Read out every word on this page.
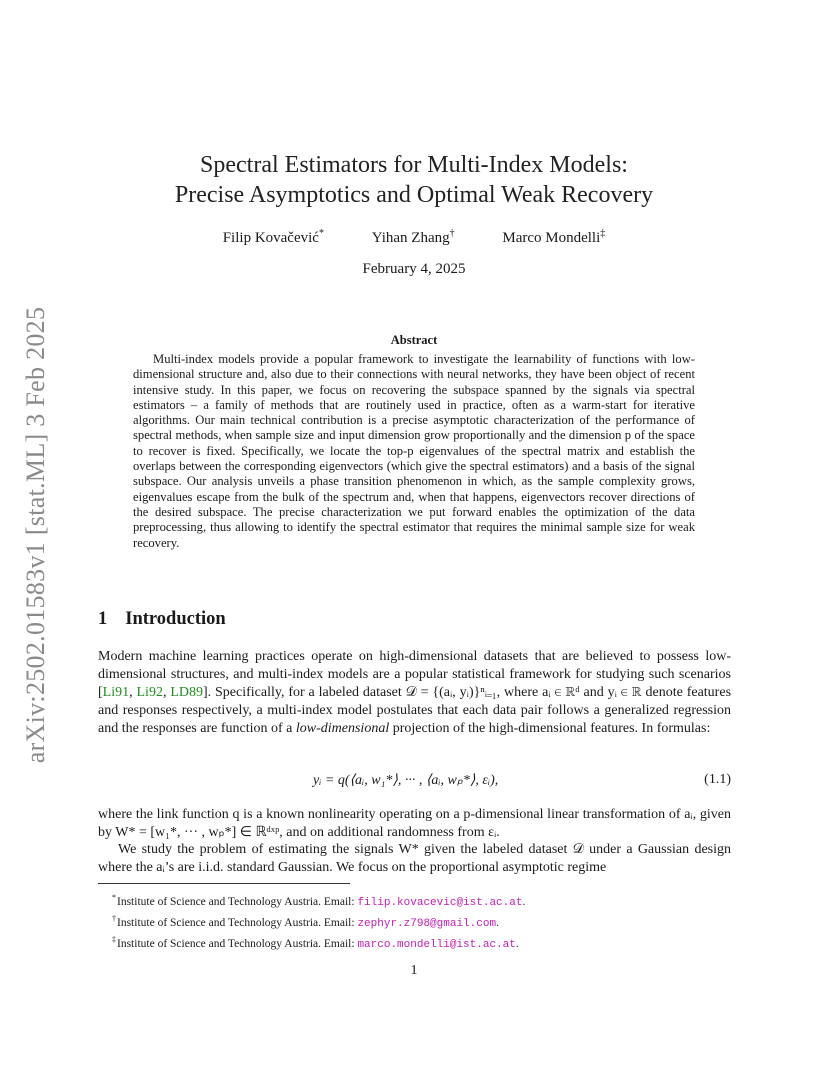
arXiv:2502.01583v1 [stat.ML] 3 Feb 2025
Spectral Estimators for Multi-Index Models:
Precise Asymptotics and Optimal Weak Recovery
Filip Kovačević*	Yihan Zhang†	Marco Mondelli‡
February 4, 2025
Abstract
Multi-index models provide a popular framework to investigate the learnability of functions with low-dimensional structure and, also due to their connections with neural networks, they have been object of recent intensive study. In this paper, we focus on recovering the subspace spanned by the signals via spectral estimators – a family of methods that are routinely used in practice, often as a warm-start for iterative algorithms. Our main technical contribution is a precise asymptotic characterization of the performance of spectral methods, when sample size and input dimension grow proportionally and the dimension p of the space to recover is fixed. Specifically, we locate the top-p eigenvalues of the spectral matrix and establish the overlaps between the corresponding eigenvectors (which give the spectral estimators) and a basis of the signal subspace. Our analysis unveils a phase transition phenomenon in which, as the sample complexity grows, eigenvalues escape from the bulk of the spectrum and, when that happens, eigenvectors recover directions of the desired subspace. The precise characterization we put forward enables the optimization of the data preprocessing, thus allowing to identify the spectral estimator that requires the minimal sample size for weak recovery.
1 Introduction
Modern machine learning practices operate on high-dimensional datasets that are believed to possess low-dimensional structures, and multi-index models are a popular statistical framework for studying such scenarios [Li91, Li92, LD89]. Specifically, for a labeled dataset 𝒟 = {(aᵢ, yᵢ)}ⁿᵢ₌₁, where aᵢ ∈ ℝᵈ and yᵢ ∈ ℝ denote features and responses respectively, a multi-index model postulates that each data pair follows a generalized regression and the responses are function of a low-dimensional projection of the high-dimensional features. In formulas:
yᵢ = q(⟨aᵢ, w₁*⟩, ··· , ⟨aᵢ, wₚ*⟩, εᵢ),	(1.1)
where the link function q is a known nonlinearity operating on a p-dimensional linear transformation of aᵢ, given by W* = [w₁*, ··· , wₚ*] ∈ ℝᵈˣᵖ, and on additional randomness from εᵢ.
We study the problem of estimating the signals W* given the labeled dataset 𝒟 under a Gaussian design where the aᵢ’s are i.i.d. standard Gaussian. We focus on the proportional asymptotic regime
*Institute of Science and Technology Austria. Email: filip.kovacevic@ist.ac.at.
†Institute of Science and Technology Austria. Email: zephyr.z798@gmail.com.
‡Institute of Science and Technology Austria. Email: marco.mondelli@ist.ac.at.
1
